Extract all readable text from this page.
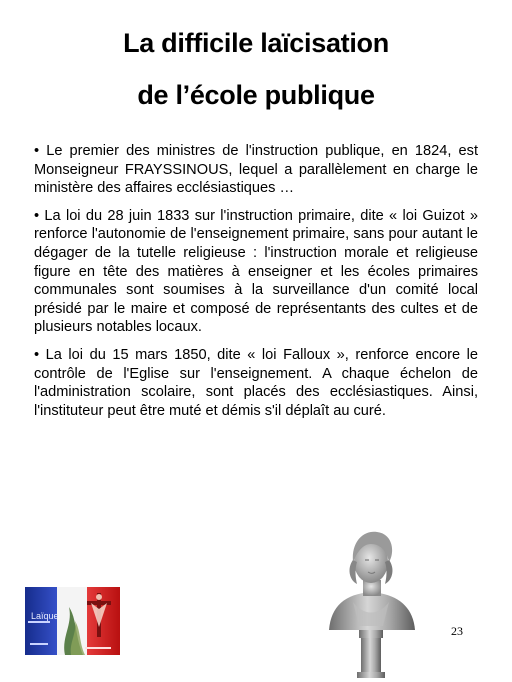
La difficile laïcisation
de l’école publique

• Le premier des ministres de l'instruction publique, en 1824, est Monseigneur FRAYSSINOUS, lequel a parallèlement en charge le ministère des affaires ecclésiastiques …

• La loi du 28 juin 1833 sur l'instruction primaire, dite « loi Guizot » renforce l'autonomie de l'enseignement primaire, sans pour autant le dégager de la tutelle religieuse : l'instruction morale et religieuse figure en tête des matières à enseigner et les écoles primaires communales sont soumises à la surveillance d'un comité local présidé par le maire et composé de représentants des cultes et de plusieurs notables locaux.

• La loi du 15 mars 1850, dite « loi Falloux », renforce encore le contrôle de l'Eglise sur l'enseignement. A chaque échelon de l'administration scolaire, sont placés des ecclésiastiques. Ainsi, l'instituteur peut être muté et démis s'il déplaît au curé.

Laïque
23
